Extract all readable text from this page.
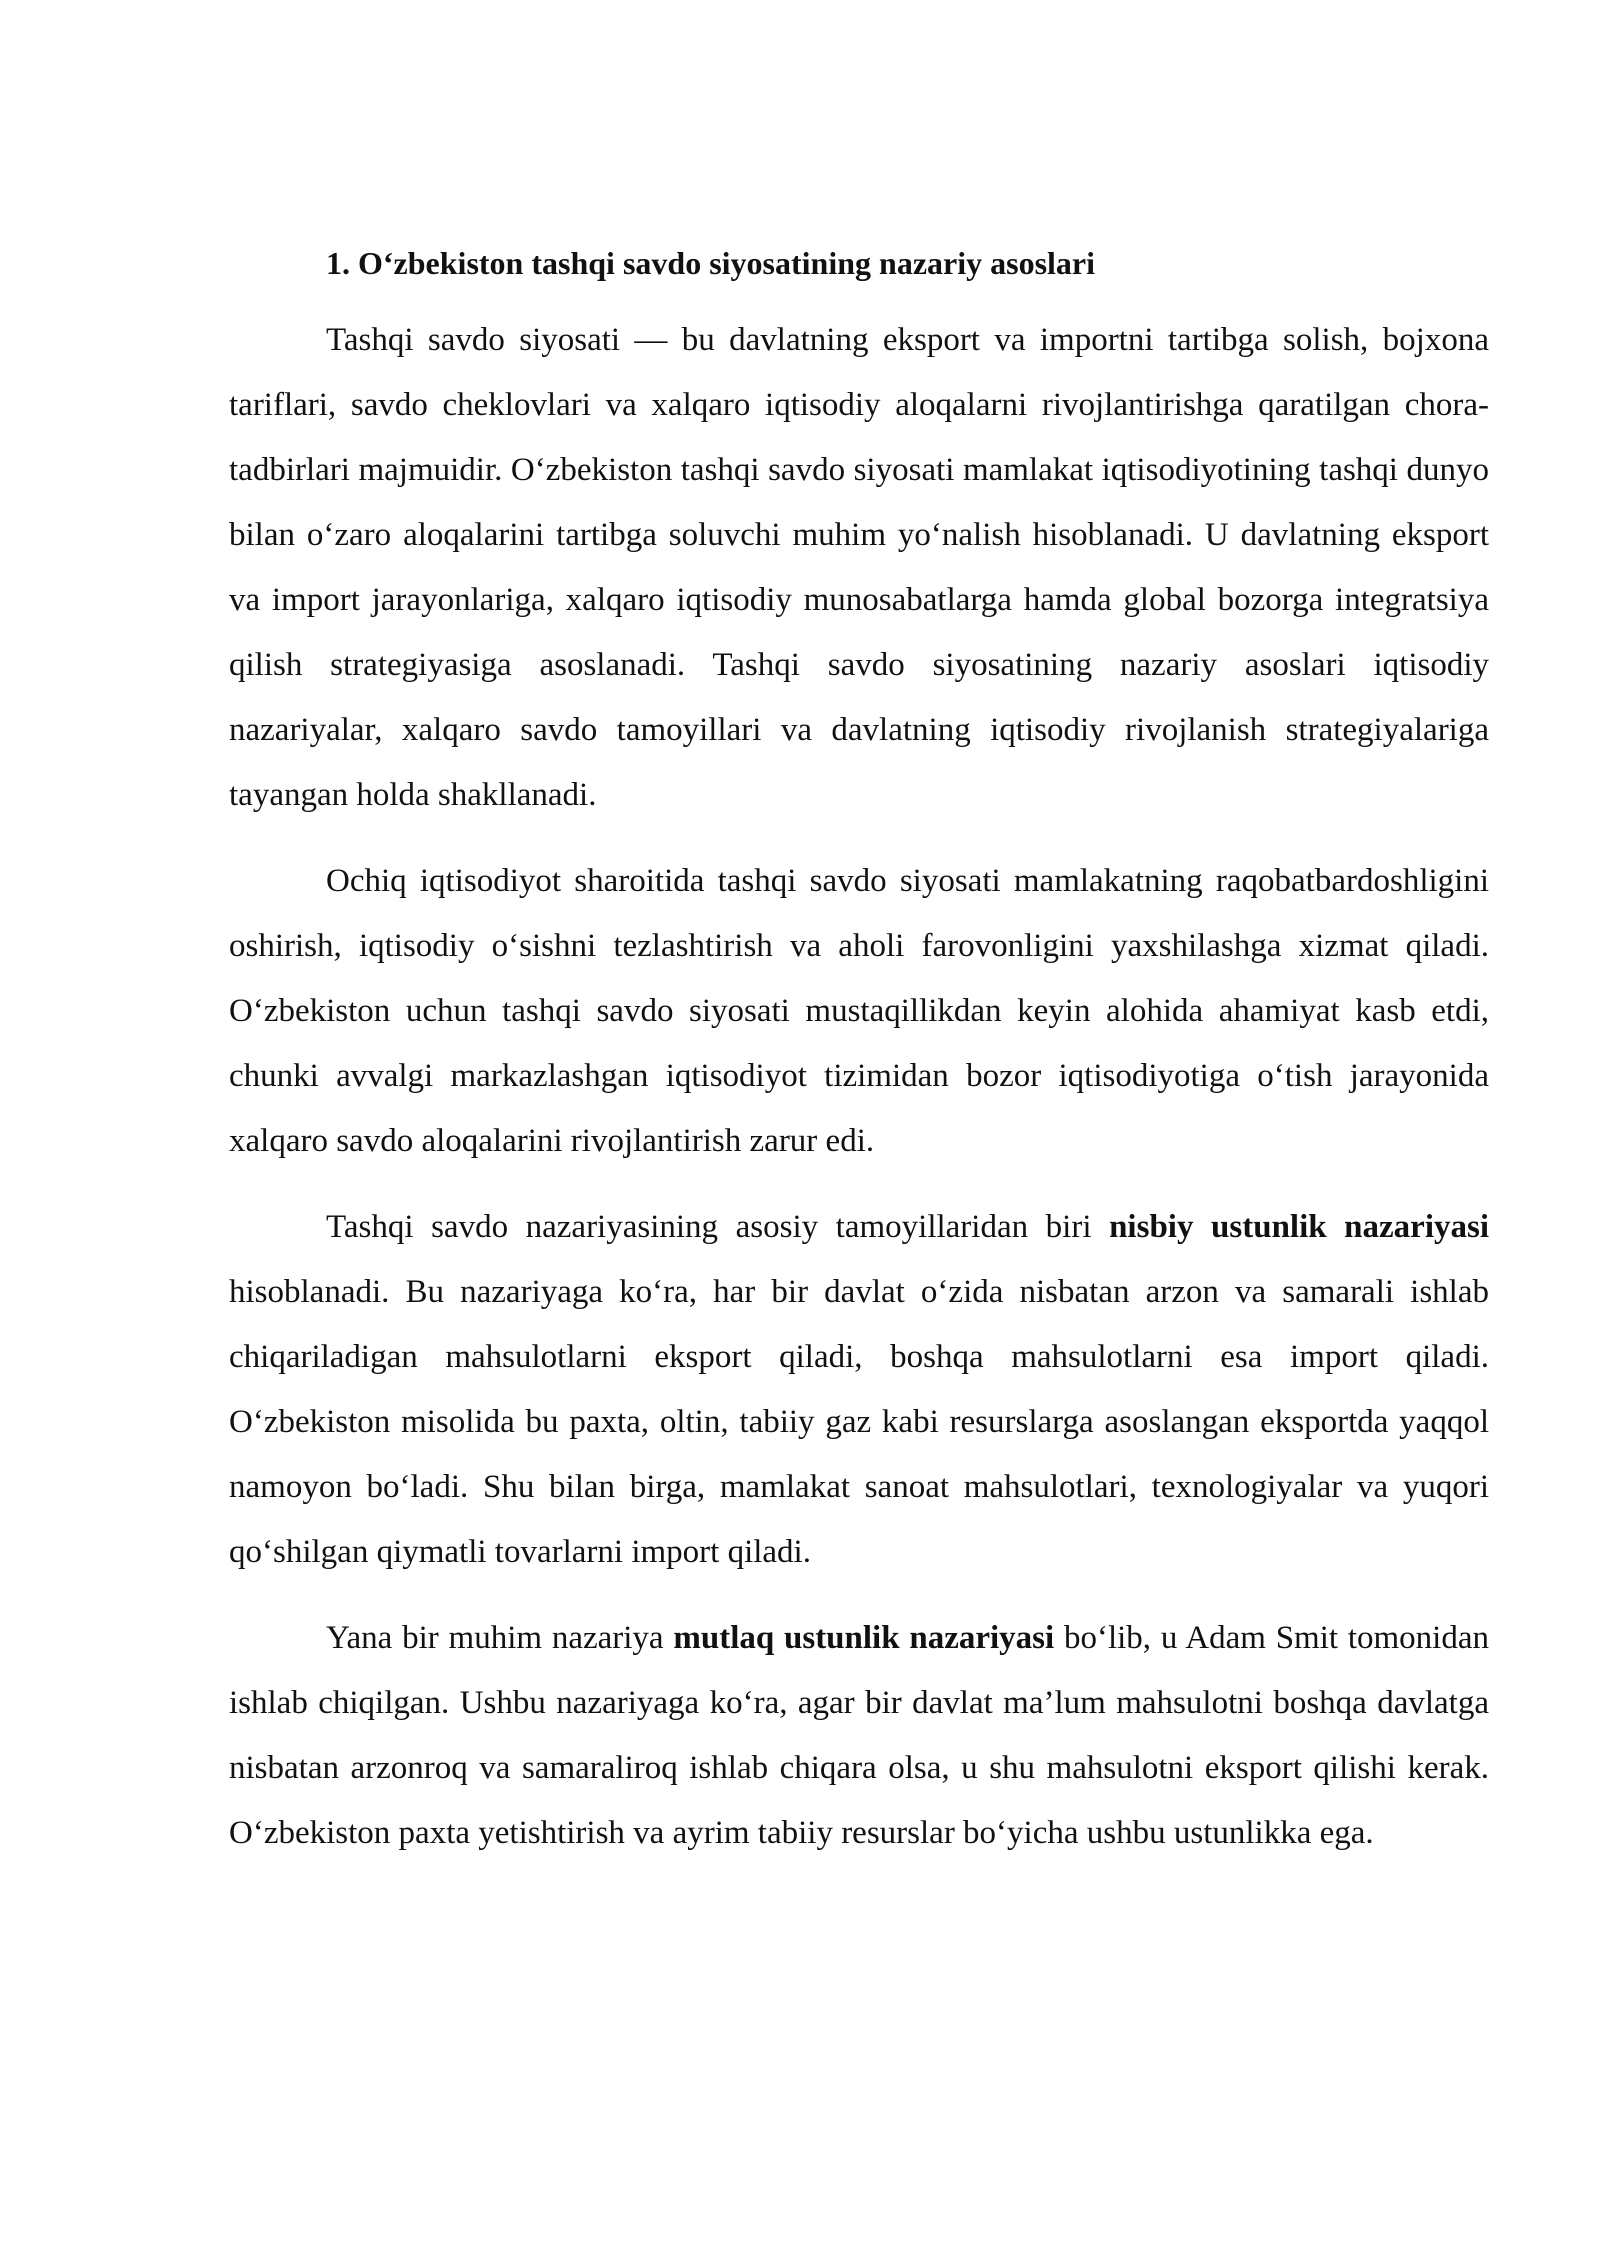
1. O‘zbekiston tashqi savdo siyosatining nazariy asoslari

Tashqi savdo siyosati — bu davlatning eksport va importni tartibga solish, bojxona tariflari, savdo cheklovlari va xalqaro iqtisodiy aloqalarni rivojlantirishga qaratilgan chora-tadbirlari majmuidir. O‘zbekiston tashqi savdo siyosati mamlakat iqtisodiyotining tashqi dunyo bilan o‘zaro aloqalarini tartibga soluvchi muhim yo‘nalish hisoblanadi. U davlatning eksport va import jarayonlariga, xalqaro iqtisodiy munosabatlarga hamda global bozorga integratsiya qilish strategiyasiga asoslanadi. Tashqi savdo siyosatining nazariy asoslari iqtisodiy nazariyalar, xalqaro savdo tamoyillari va davlatning iqtisodiy rivojlanish strategiyalariga tayangan holda shakllanadi.

Ochiq iqtisodiyot sharoitida tashqi savdo siyosati mamlakatning raqobatbardoshligini oshirish, iqtisodiy o‘sishni tezlashtirish va aholi farovonligini yaxshilashga xizmat qiladi. O‘zbekiston uchun tashqi savdo siyosati mustaqillikdan keyin alohida ahamiyat kasb etdi, chunki avvalgi markazlashgan iqtisodiyot tizimidan bozor iqtisodiyotiga o‘tish jarayonida xalqaro savdo aloqalarini rivojlantirish zarur edi.

Tashqi savdo nazariyasining asosiy tamoyillaridan biri nisbiy ustunlik nazariyasi hisoblanadi. Bu nazariyaga ko‘ra, har bir davlat o‘zida nisbatan arzon va samarali ishlab chiqariladigan mahsulotlarni eksport qiladi, boshqa mahsulotlarni esa import qiladi. O‘zbekiston misolida bu paxta, oltin, tabiiy gaz kabi resurslarga asoslangan eksportda yaqqol namoyon bo‘ladi. Shu bilan birga, mamlakat sanoat mahsulotlari, texnologiyalar va yuqori qo‘shilgan qiymatli tovarlarni import qiladi.

Yana bir muhim nazariya mutlaq ustunlik nazariyasi bo‘lib, u Adam Smit tomonidan ishlab chiqilgan. Ushbu nazariyaga ko‘ra, agar bir davlat ma’lum mahsulotni boshqa davlatga nisbatan arzonroq va samaraliroq ishlab chiqara olsa, u shu mahsulotni eksport qilishi kerak. O‘zbekiston paxta yetishtirish va ayrim tabiiy resurslar bo‘yicha ushbu ustunlikka ega.
